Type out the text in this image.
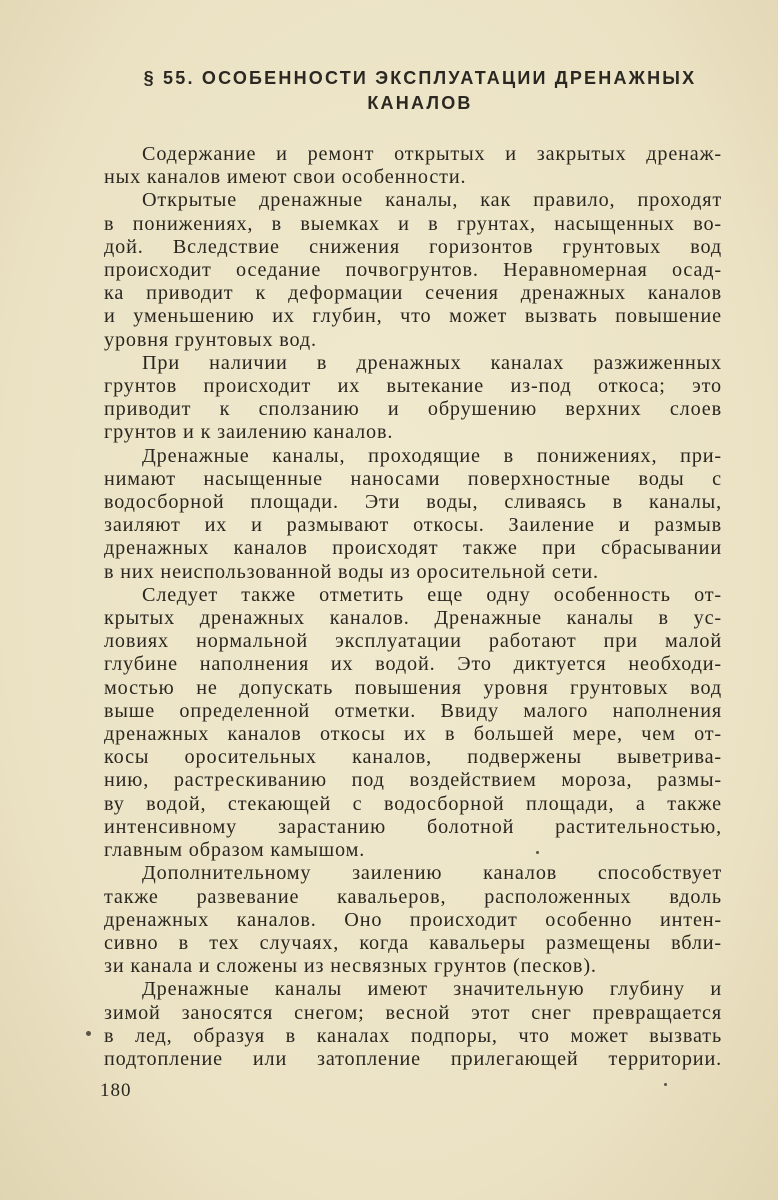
§ 55. ОСОБЕННОСТИ ЭКСПЛУАТАЦИИ ДРЕНАЖНЫХ
КАНАЛОВ

Содержание и ремонт открытых и закрытых дренаж-
ных каналов имеют свои особенности.

Открытые дренажные каналы, как правило, проходят
в понижениях, в выемках и в грунтах, насыщенных во-
дой. Вследствие снижения горизонтов грунтовых вод
происходит оседание почвогрунтов. Неравномерная осад-
ка приводит к деформации сечения дренажных каналов
и уменьшению их глубин, что может вызвать повышение
уровня грунтовых вод.

При наличии в дренажных каналах разжиженных
грунтов происходит их вытекание из-под откоса; это
приводит к сползанию и обрушению верхних слоев
грунтов и к заилению каналов.

Дренажные каналы, проходящие в понижениях, при-
нимают насыщенные наносами поверхностные воды с
водосборной площади. Эти воды, сливаясь в каналы,
заиляют их и размывают откосы. Заиление и размыв
дренажных каналов происходят также при сбрасывании
в них неиспользованной воды из оросительной сети.

Следует также отметить еще одну особенность от-
крытых дренажных каналов. Дренажные каналы в ус-
ловиях нормальной эксплуатации работают при малой
глубине наполнения их водой. Это диктуется необходи-
мостью не допускать повышения уровня грунтовых вод
выше определенной отметки. Ввиду малого наполнения
дренажных каналов откосы их в большей мере, чем от-
косы оросительных каналов, подвержены выветрива-
нию, растрескиванию под воздействием мороза, размы-
ву водой, стекающей с водосборной площади, а также
интенсивному зарастанию болотной растительностью,
главным образом камышом.

Дополнительному заилению каналов способствует
также развевание кавальеров, расположенных вдоль
дренажных каналов. Оно происходит особенно интен-
сивно в тех случаях, когда кавальеры размещены вбли-
зи канала и сложены из несвязных грунтов (песков).

Дренажные каналы имеют значительную глубину и
зимой заносятся снегом; весной этот снег превращается
в лед, образуя в каналах подпоры, что может вызвать
подтопление или затопление прилегающей территории.

180
